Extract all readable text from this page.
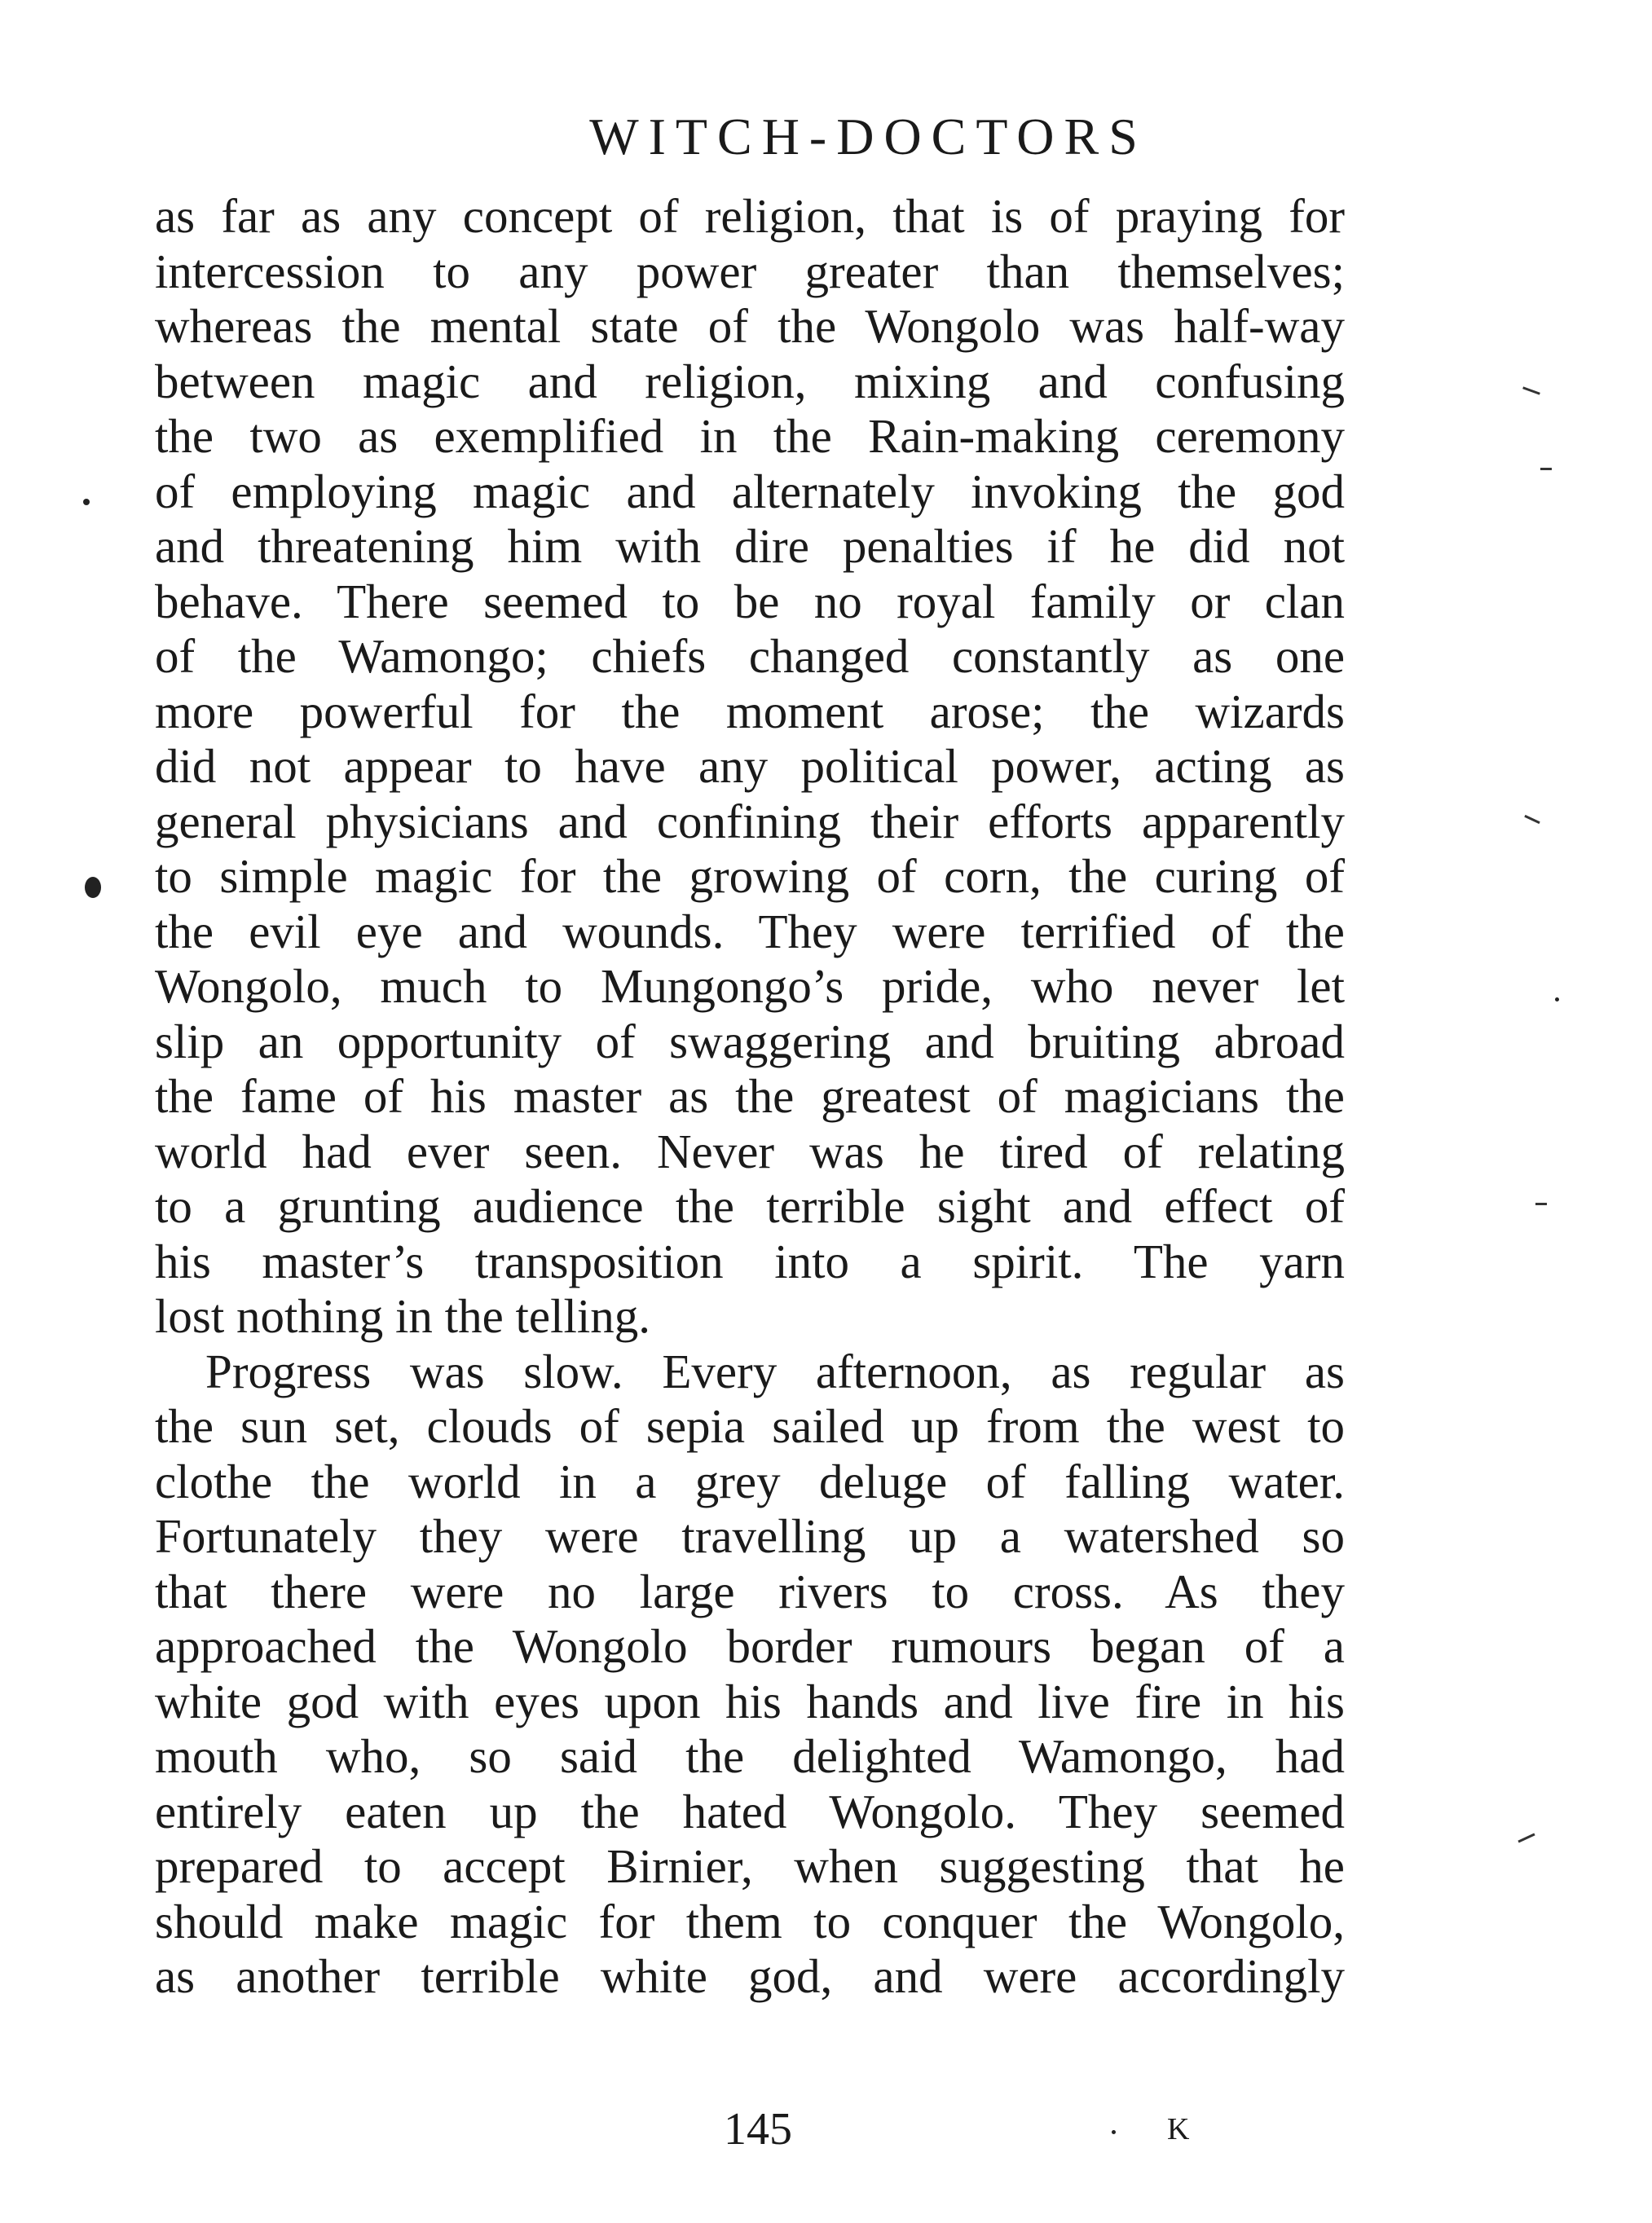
WITCH-DOCTORS
as far as any concept of religion, that is of praying for
intercession to any power greater than themselves;
whereas the mental state of the Wongolo was half-way
between magic and religion, mixing and confusing
the two as exemplified in the Rain-making ceremony
of employing magic and alternately invoking the god
and threatening him with dire penalties if he did not
behave. There seemed to be no royal family or clan
of the Wamongo; chiefs changed constantly as one
more powerful for the moment arose; the wizards
did not appear to have any political power, acting as
general physicians and confining their efforts apparently
to simple magic for the growing of corn, the curing of
the evil eye and wounds. They were terrified of the
Wongolo, much to Mungongo’s pride, who never let
slip an opportunity of swaggering and bruiting abroad
the fame of his master as the greatest of magicians the
world had ever seen. Never was he tired of relating
to a grunting audience the terrible sight and effect of
his master’s transposition into a spirit. The yarn
lost nothing in the telling.
Progress was slow. Every afternoon, as regular as
the sun set, clouds of sepia sailed up from the west to
clothe the world in a grey deluge of falling water.
Fortunately they were travelling up a watershed so
that there were no large rivers to cross. As they
approached the Wongolo border rumours began of a
white god with eyes upon his hands and live fire in his
mouth who, so said the delighted Wamongo, had
entirely eaten up the hated Wongolo. They seemed
prepared to accept Birnier, when suggesting that he
should make magic for them to conquer the Wongolo,
as another terrible white god, and were accordingly
145	K
